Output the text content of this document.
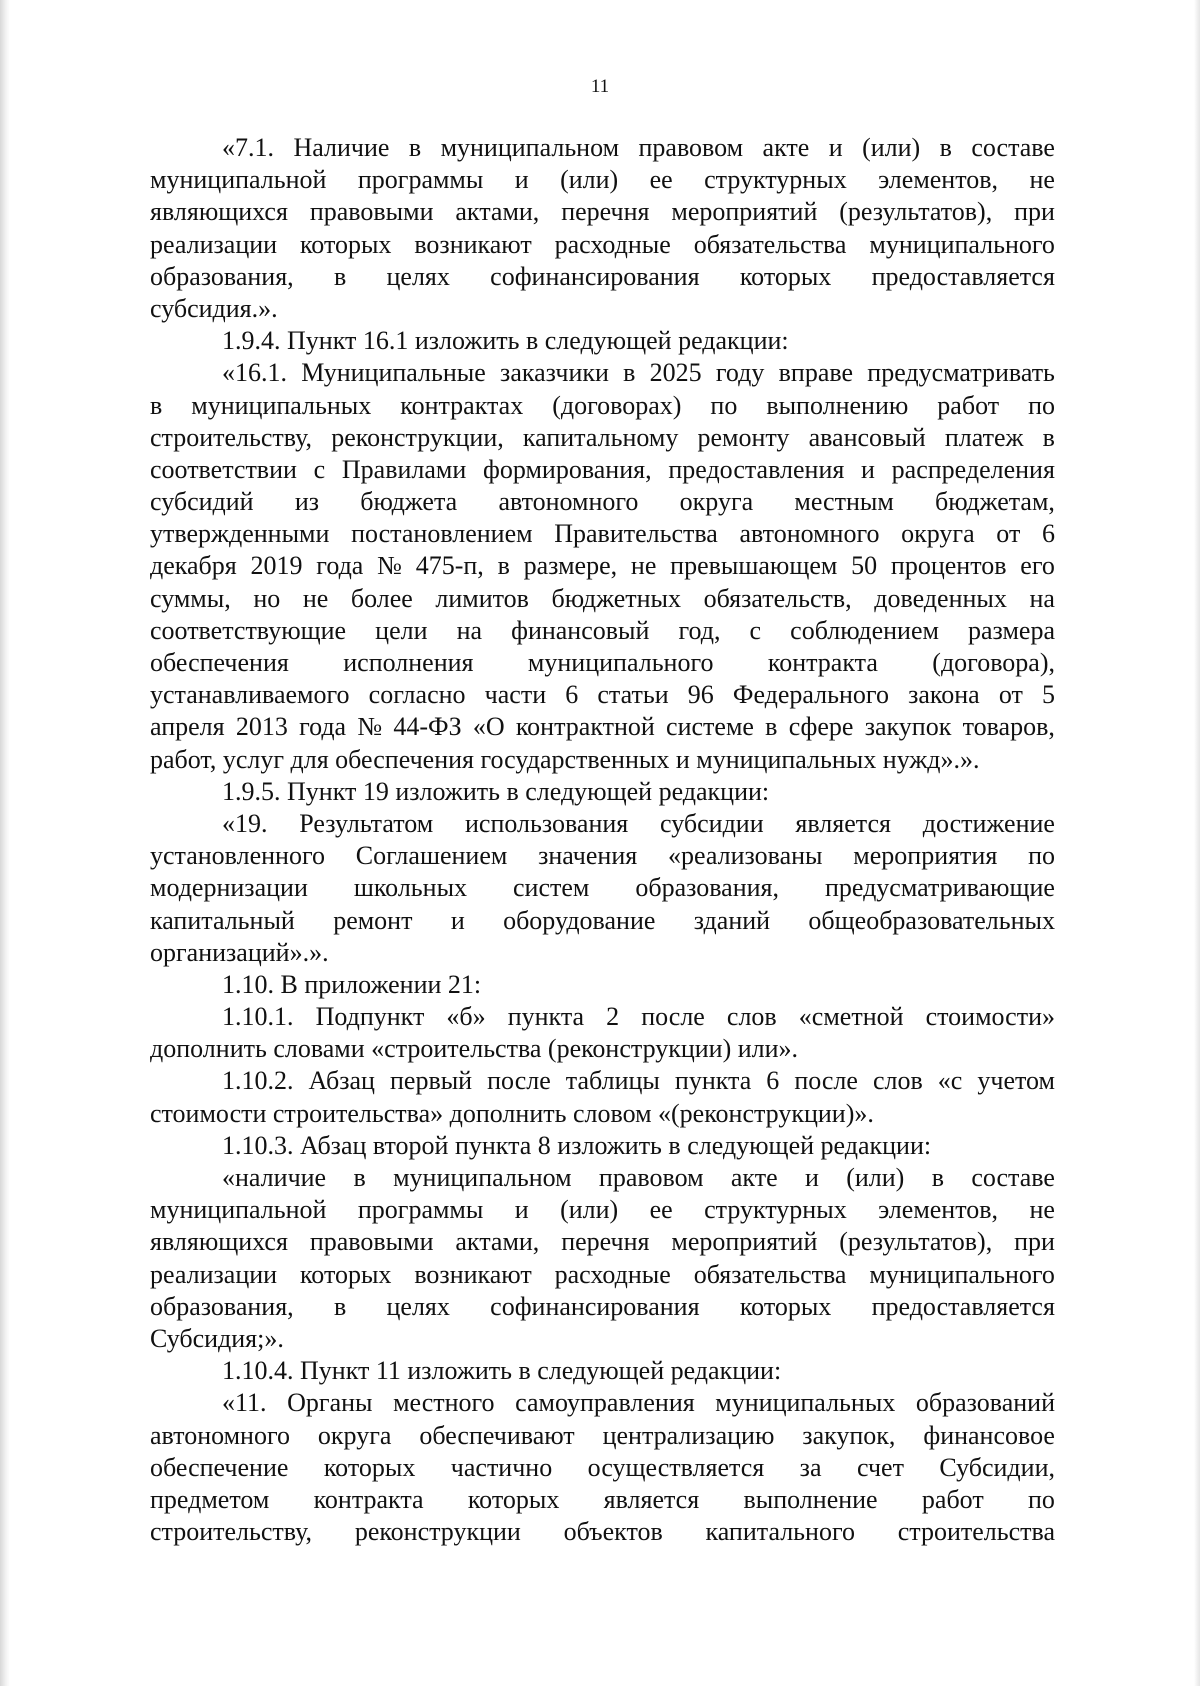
11
«7.1. Наличие в муниципальном правовом акте и (или) в составе
муниципальной программы и (или) ее структурных элементов, не
являющихся правовыми актами, перечня мероприятий (результатов), при
реализации которых возникают расходные обязательства муниципального
образования, в целях софинансирования которых предоставляется
субсидия.».
1.9.4. Пункт 16.1 изложить в следующей редакции:
«16.1. Муниципальные заказчики в 2025 году вправе предусматривать
в муниципальных контрактах (договорах) по выполнению работ по
строительству, реконструкции, капитальному ремонту авансовый платеж в
соответствии с Правилами формирования, предоставления и распределения
субсидий из бюджета автономного округа местным бюджетам,
утвержденными постановлением Правительства автономного округа от 6
декабря 2019 года № 475-п, в размере, не превышающем 50 процентов его
суммы, но не более лимитов бюджетных обязательств, доведенных на
соответствующие цели на финансовый год, с соблюдением размера
обеспечения исполнения муниципального контракта (договора),
устанавливаемого согласно части 6 статьи 96 Федерального закона от 5
апреля 2013 года № 44-ФЗ «О контрактной системе в сфере закупок товаров,
работ, услуг для обеспечения государственных и муниципальных нужд».».
1.9.5. Пункт 19 изложить в следующей редакции:
«19. Результатом использования субсидии является достижение
установленного Соглашением значения «реализованы мероприятия по
модернизации школьных систем образования, предусматривающие
капитальный ремонт и оборудование зданий общеобразовательных
организаций».».
1.10. В приложении 21:
1.10.1. Подпункт «б» пункта 2 после слов «сметной стоимости»
дополнить словами «строительства (реконструкции) или».
1.10.2. Абзац первый после таблицы пункта 6 после слов «с учетом
стоимости строительства» дополнить словом «(реконструкции)».
1.10.3. Абзац второй пункта 8 изложить в следующей редакции:
«наличие в муниципальном правовом акте и (или) в составе
муниципальной программы и (или) ее структурных элементов, не
являющихся правовыми актами, перечня мероприятий (результатов), при
реализации которых возникают расходные обязательства муниципального
образования, в целях софинансирования которых предоставляется
Субсидия;».
1.10.4. Пункт 11 изложить в следующей редакции:
«11. Органы местного самоуправления муниципальных образований
автономного округа обеспечивают централизацию закупок, финансовое
обеспечение которых частично осуществляется за счет Субсидии,
предметом контракта которых является выполнение работ по
строительству, реконструкции объектов капитального строительства
